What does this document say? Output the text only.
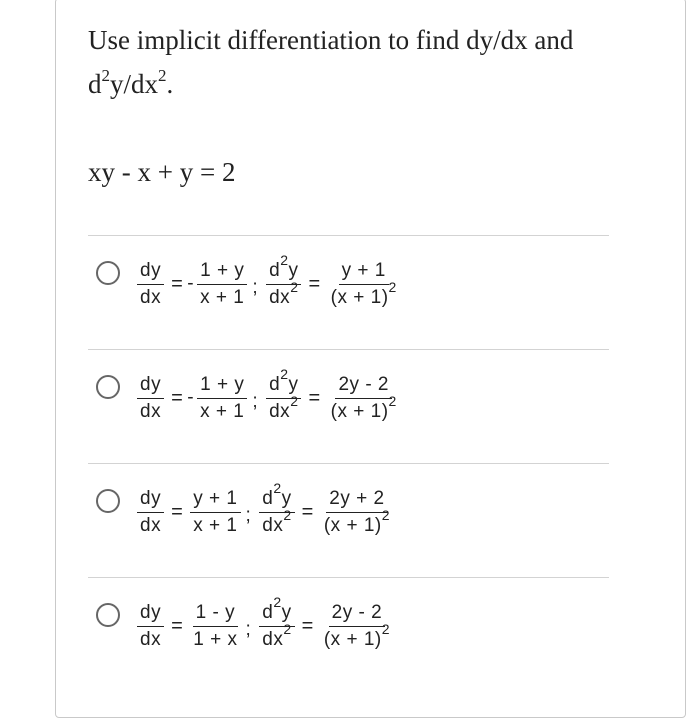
Use implicit differentiation to find dy/dx and
$d^2y/dx^2$.

xy - x + y = 2

$\frac{dy}{dx}$ = - $\frac{1 + y}{x + 1}$ ; $\frac{d^2y}{dx^2} = \frac{y + 1}{(x + 1)^2}$
$\frac{dy}{dx}$ = - $\frac{1 + y}{x + 1}$ ; $\frac{d^2y}{dx^2} = \frac{2y - 2}{(x + 1)^2}$
$\frac{dy}{dx} = \frac{y + 1}{x + 1}$ ; $\frac{d^2y}{dx^2} = \frac{2y + 2}{(x + 1)^2}$
$\frac{dy}{dx} = \frac{1 - y}{1 + x}$ ; $\frac{d^2y}{dx^2} = \frac{2y - 2}{(x + 1)^2}$
